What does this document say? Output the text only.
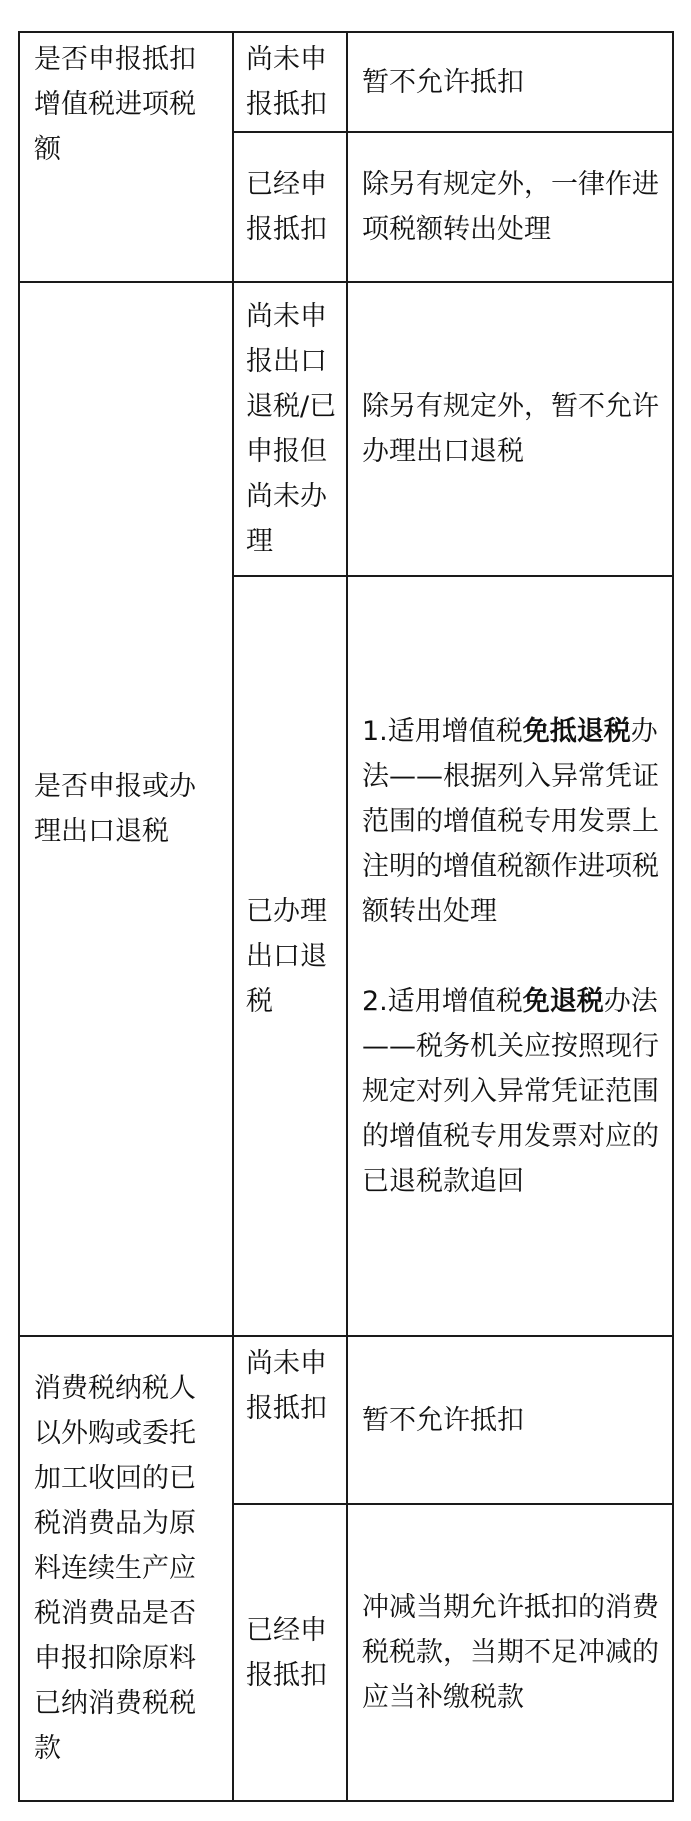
是否申报抵扣增值税进项税额	尚未申报抵扣	暂不允许抵扣
	已经申报抵扣	除另有规定外，一律作进项税额转出处理
是否申报或办理出口退税	尚未申报出口退税/已申报但尚未办理	除另有规定外，暂不允许办理出口退税
	已办理出口退税	1.适用增值税免抵退税办法——根据列入异常凭证范围的增值税专用发票上注明的增值税额作进项税额转出处理
2.适用增值税免退税办法——税务机关应按照现行规定对列入异常凭证范围的增值税专用发票对应的已退税款追回

消费税纳税人以外购或委托加工收回的已税消费品为原料连续生产应税消费品是否申报扣除原料已纳消费税税款	尚未申报抵扣	暂不允许抵扣
	已经申报抵扣	冲减当期允许抵扣的消费税税款，当期不足冲减的应当补缴税款
